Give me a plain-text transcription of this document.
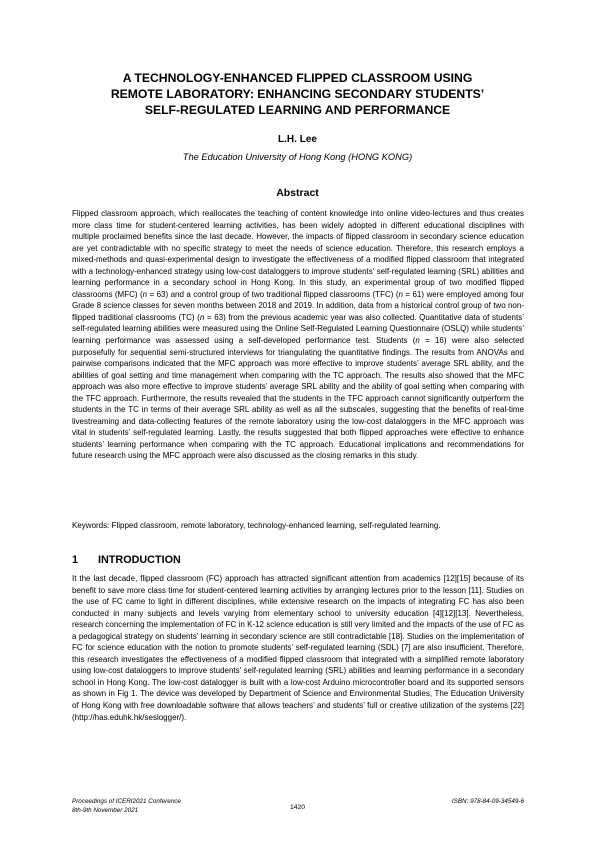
A TECHNOLOGY-ENHANCED FLIPPED CLASSROOM USING
REMOTE LABORATORY: ENHANCING SECONDARY STUDENTS’
SELF-REGULATED LEARNING AND PERFORMANCE

L.H. Lee

The Education University of Hong Kong (HONG KONG)

Abstract

Flipped classroom approach, which reallocates the teaching of content knowledge into online video-lectures and thus creates more class time for student-centered learning activities, has been widely adopted in different educational disciplines with multiple proclaimed benefits since the last decade. However, the impacts of flipped classroom in secondary science education are yet contradictable with no specific strategy to meet the needs of science education. Therefore, this research employs a mixed-methods and quasi-experimental design to investigate the effectiveness of a modified flipped classroom that integrated with a technology-enhanced strategy using low-cost dataloggers to improve students’ self-regulated learning (SRL) abilities and learning performance in a secondary school in Hong Kong. In this study, an experimental group of two modified flipped classrooms (MFC) (n = 63) and a control group of two traditional flipped classrooms (TFC) (n = 61) were employed among four Grade 8 science classes for seven months between 2018 and 2019. In addition, data from a historical control group of two non-flipped traditional classrooms (TC) (n = 63) from the previous academic year was also collected. Quantitative data of students’ self-regulated learning abilities were measured using the Online Self-Regulated Learning Questionnaire (OSLQ) while students’ learning performance was assessed using a self-developed performance test. Students (n = 16) were also selected purposefully for sequential semi-structured interviews for triangulating the quantitative findings. The results from ANOVAs and pairwise comparisons indicated that the MFC approach was more effective to improve students’ average SRL ability, and the abilities of goal setting and time management when comparing with the TC approach. The results also showed that the MFC approach was also more effective to improve students’ average SRL ability and the ability of goal setting when comparing with the TFC approach. Furthermore, the results revealed that the students in the TFC approach cannot significantly outperform the students in the TC in terms of their average SRL ability as well as all the subscales, suggesting that the benefits of real-time livestreaming and data-collecting features of the remote laboratory using the low-cost dataloggers in the MFC approach was vital in students’ self-regulated learning. Lastly, the results suggested that both flipped approaches were effective to enhance students’ learning performance when comparing with the TC approach. Educational implications and recommendations for future research using the MFC approach were also discussed as the closing remarks in this study.

Keywords: Flipped classroom, remote laboratory, technology-enhanced learning, self-regulated learning.

1 INTRODUCTION

It the last decade, flipped classroom (FC) approach has attracted significant attention from academics [12][15] because of its benefit to save more class time for student-centered learning activities by arranging lectures prior to the lesson [11]. Studies on the use of FC came to light in different disciplines, while extensive research on the impacts of integrating FC has also been conducted in many subjects and levels varying from elementary school to university education [4][12][13]. Nevertheless, research concerning the implementation of FC in K-12 science education is still very limited and the impacts of the use of FC as a pedagogical strategy on students’ learning in secondary science are still contradictable [18]. Studies on the implementation of FC for science education with the notion to promote students’ self-regulated learning (SDL) [7] are also insufficient. Therefore, this research investigates the effectiveness of a modified flipped classroom that integrated with a simplified remote laboratory using low-cost dataloggers to improve students’ self-regulated learning (SRL) abilities and learning performance in a secondary school in Hong Kong. The low-cost datalogger is built with a low-cost Arduino microcontroller board and its supported sensors as shown in Fig 1. The device was developed by Department of Science and Environmental Studies, The Education University of Hong Kong with free downloadable software that allows teachers’ and students’ full or creative utilization of the systems [22] (http://has.eduhk.hk/seslogger/).

Proceedings of ICERI2021 Conference
8th-9th November 2021	1420
ISBN: 978-84-09-34549-6
